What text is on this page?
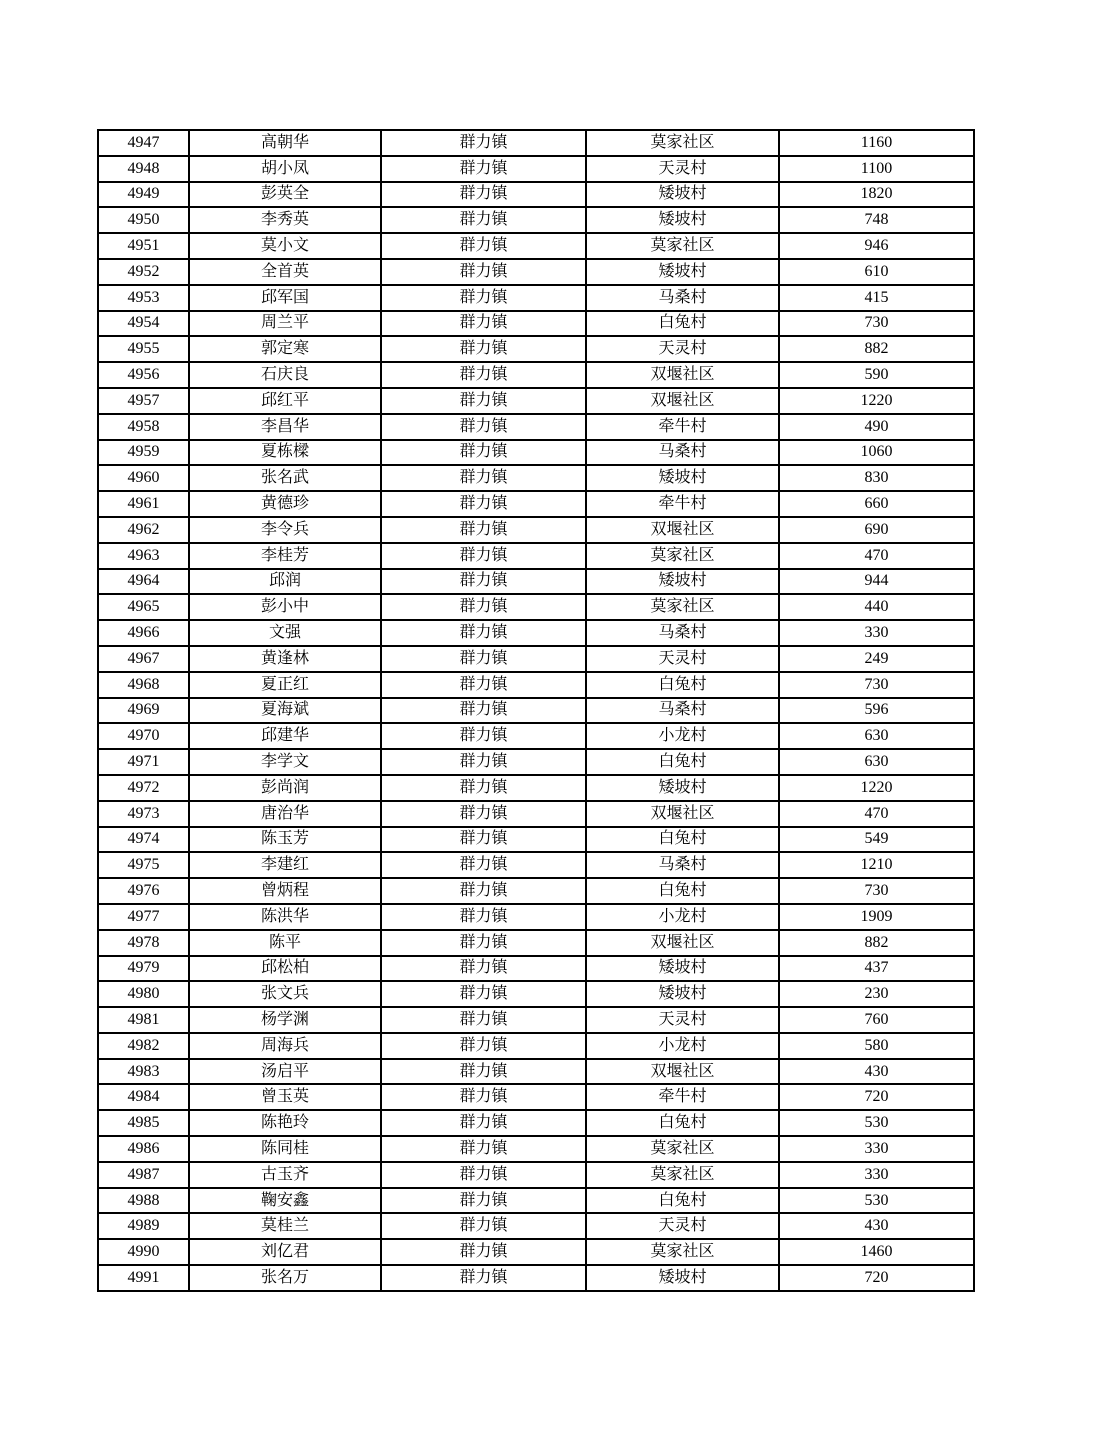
4947	高朝华	群力镇	莫家社区	1160
4948	胡小凤	群力镇	天灵村	1100
4949	彭英全	群力镇	矮坡村	1820
4950	李秀英	群力镇	矮坡村	748
4951	莫小文	群力镇	莫家社区	946
4952	全首英	群力镇	矮坡村	610
4953	邱军国	群力镇	马桑村	415
4954	周兰平	群力镇	白兔村	730
4955	郭定寒	群力镇	天灵村	882
4956	石庆良	群力镇	双堰社区	590
4957	邱红平	群力镇	双堰社区	1220
4958	李昌华	群力镇	牵牛村	490
4959	夏栋樑	群力镇	马桑村	1060
4960	张名武	群力镇	矮坡村	830
4961	黄德珍	群力镇	牵牛村	660
4962	李令兵	群力镇	双堰社区	690
4963	李桂芳	群力镇	莫家社区	470
4964	邱润	群力镇	矮坡村	944
4965	彭小中	群力镇	莫家社区	440
4966	文强	群力镇	马桑村	330
4967	黄逢林	群力镇	天灵村	249
4968	夏正红	群力镇	白兔村	730
4969	夏海斌	群力镇	马桑村	596
4970	邱建华	群力镇	小龙村	630
4971	李学文	群力镇	白兔村	630
4972	彭尚润	群力镇	矮坡村	1220
4973	唐治华	群力镇	双堰社区	470
4974	陈玉芳	群力镇	白兔村	549
4975	李建红	群力镇	马桑村	1210
4976	曾炳程	群力镇	白兔村	730
4977	陈洪华	群力镇	小龙村	1909
4978	陈平	群力镇	双堰社区	882
4979	邱松柏	群力镇	矮坡村	437
4980	张文兵	群力镇	矮坡村	230
4981	杨学渊	群力镇	天灵村	760
4982	周海兵	群力镇	小龙村	580
4983	汤启平	群力镇	双堰社区	430
4984	曾玉英	群力镇	牵牛村	720
4985	陈艳玲	群力镇	白兔村	530
4986	陈同桂	群力镇	莫家社区	330
4987	古玉齐	群力镇	莫家社区	330
4988	鞠安鑫	群力镇	白兔村	530
4989	莫桂兰	群力镇	天灵村	430
4990	刘亿君	群力镇	莫家社区	1460
4991	张名万	群力镇	矮坡村	720
